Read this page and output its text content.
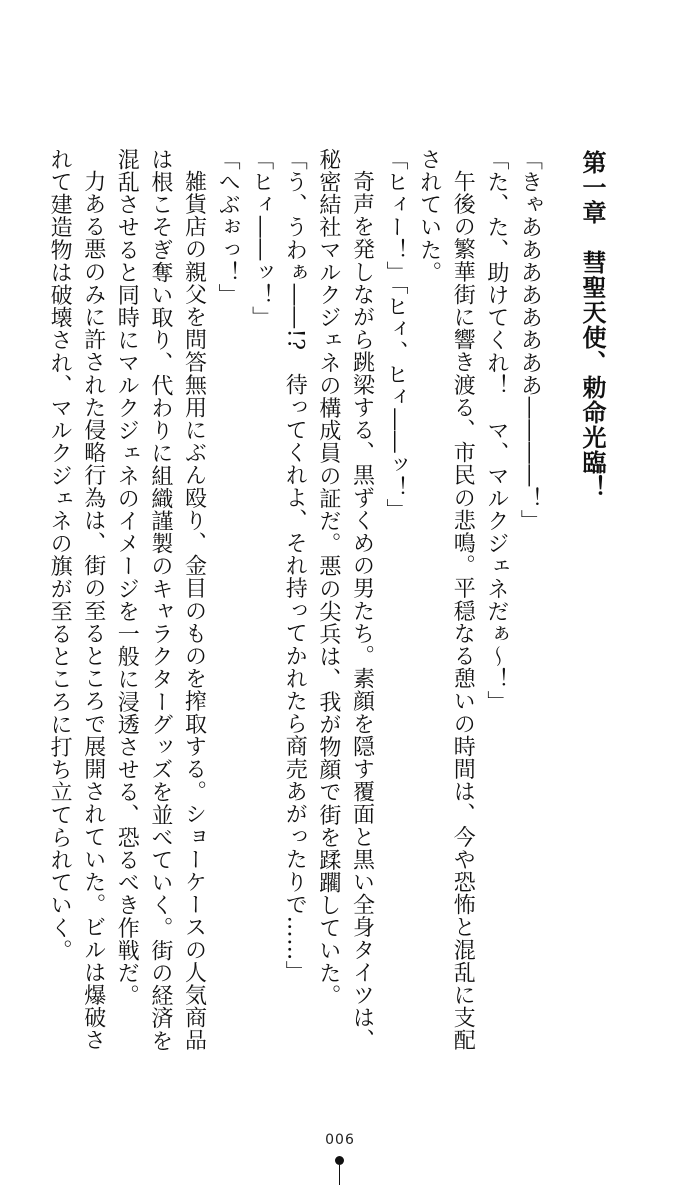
第一章　彗聖天使、勅命光臨！
「きゃああああああああ――――！」
「た、た、助けてくれ！　マ、マルクジェネだぁ～！」
午後の繁華街に響き渡る、市民の悲鳴。平穏なる憩いの時間は、今や恐怖と混乱に支配
されていた。
「ヒィー！」「ヒィ、ヒィ――ッ！」
奇声を発しながら跳梁する、黒ずくめの男たち。素顔を隠す覆面と黒い全身タイツは、
秘密結社マルクジェネの構成員の証だ。悪の尖兵は、我が物顔で街を蹂躙していた。
「う、うわぁ――!?　待ってくれよ、それ持ってかれたら商売あがったりで……」
「ヒィ――ッ！」
「へぶぉっ！」
雑貨店の親父を問答無用にぶん殴り、金目のものを搾取する。ショーケースの人気商品
は根こそぎ奪い取り、代わりに組織謹製のキャラクターグッズを並べていく。街の経済を
混乱させると同時にマルクジェネのイメージを一般に浸透させる、恐るべき作戦だ。
力ある悪のみに許された侵略行為は、街の至るところで展開されていた。ビルは爆破さ
れて建造物は破壊され、マルクジェネの旗が至るところに打ち立てられていく。
006
